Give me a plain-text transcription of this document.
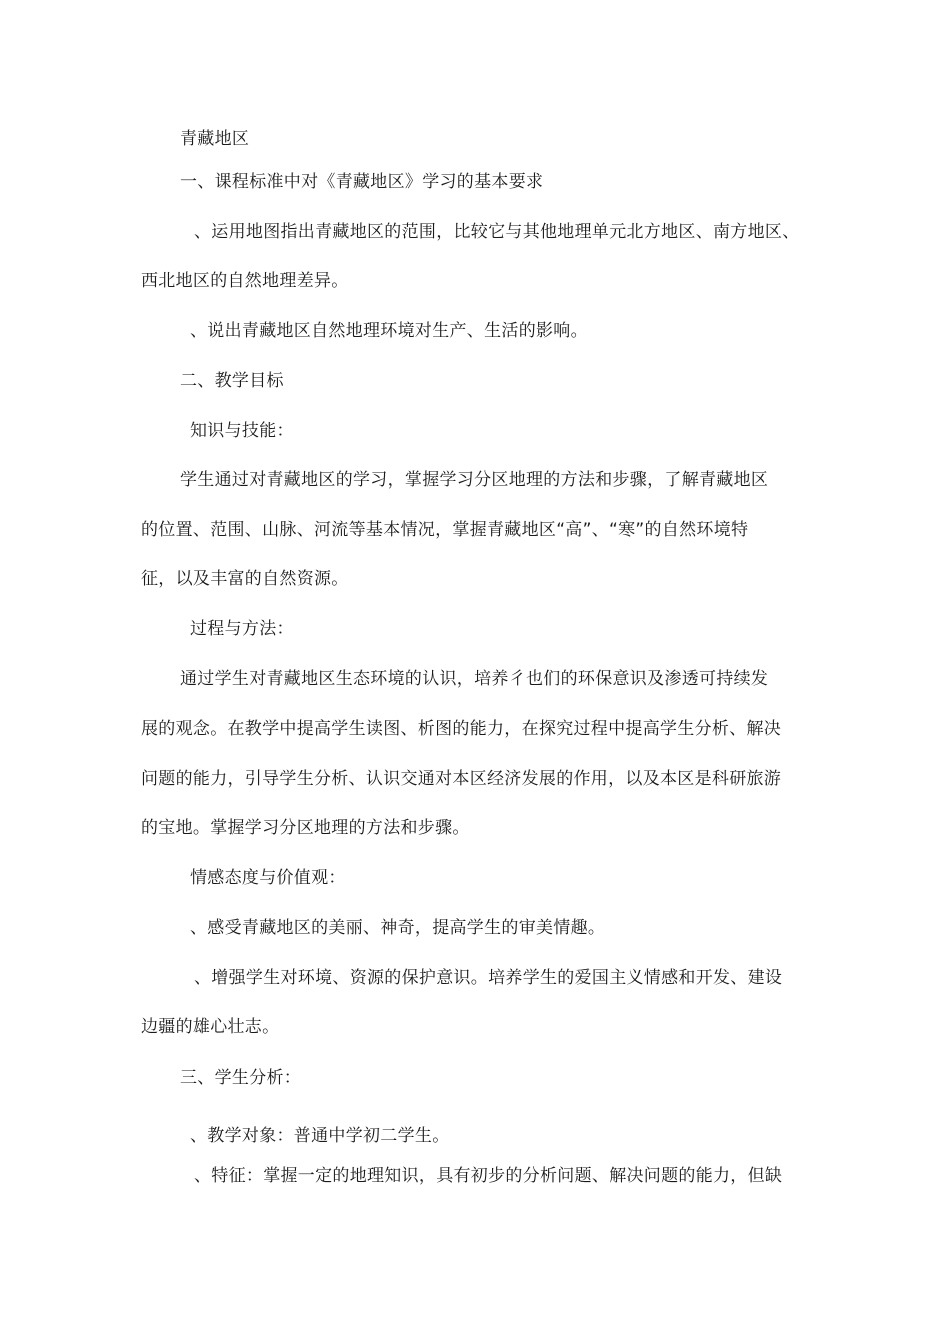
青藏地区
一、课程标准中对《青藏地区》学习的基本要求
、运用地图指出青藏地区的范围，比较它与其他地理单元北方地区、南方地区、
西北地区的自然地理差异。
、说出青藏地区自然地理环境对生产、生活的影响。
二、教学目标
知识与技能：
学生通过对青藏地区的学习，掌握学习分区地理的方法和步骤，了解青藏地区
的位置、范围、山脉、河流等基本情况，掌握青藏地区“高”、“寒”的自然环境特
征，以及丰富的自然资源。
过程与方法：
通过学生对青藏地区生态环境的认识，培养彳也们的环保意识及渗透可持续发
展的观念。在教学中提高学生读图、析图的能力，在探究过程中提高学生分析、解决
问题的能力，引导学生分析、认识交通对本区经济发展的作用，以及本区是科研旅游
的宝地。掌握学习分区地理的方法和步骤。
情感态度与价值观：
、感受青藏地区的美丽、神奇，提高学生的审美情趣。
、增强学生对环境、资源的保护意识。培养学生的爱国主义情感和开发、建设
边疆的雄心壮志。
三、学生分析：
、教学对象：普通中学初二学生。
、特征：掌握一定的地理知识，具有初步的分析问题、解决问题的能力，但缺
